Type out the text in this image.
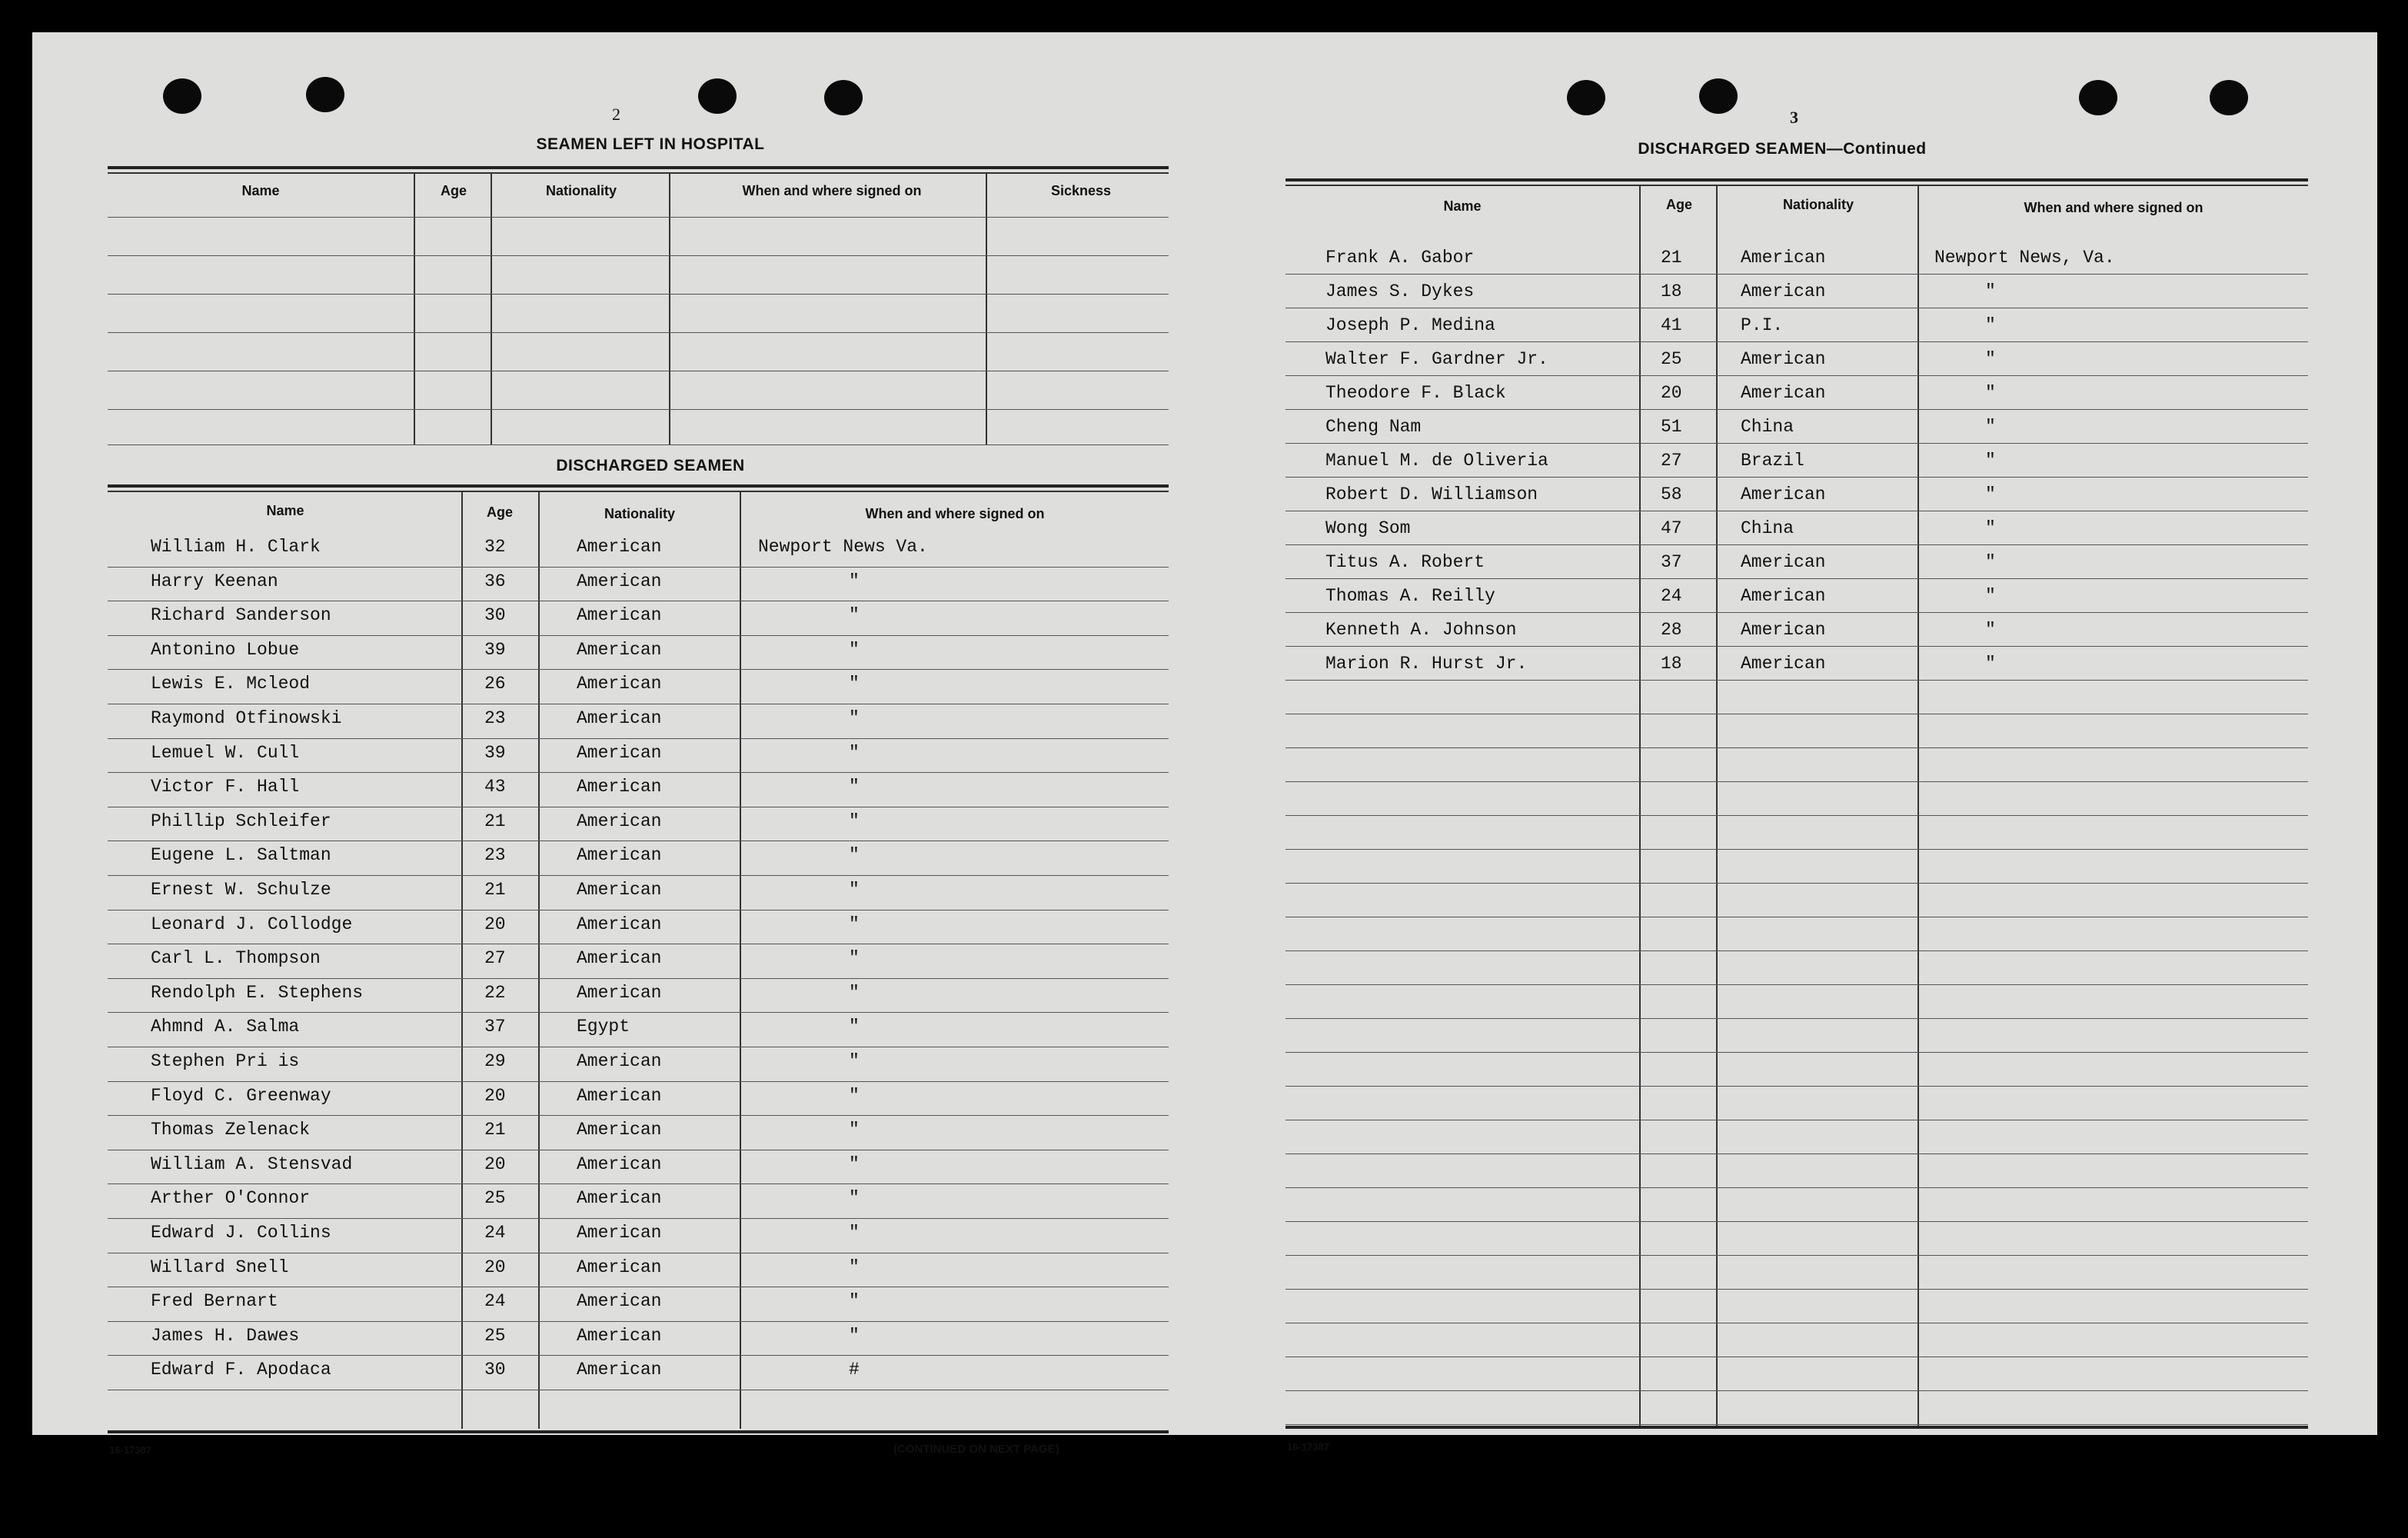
2
SEAMEN LEFT IN HOSPITAL
Name	Age	Nationality	When and where signed on	Sickness
DISCHARGED SEAMEN
Name	Age	Nationality	When and where signed on
William H. Clark	32	American	Newport News Va.
Harry Keenan	36	American	"
Richard Sanderson	30	American	"
Antonino Lobue	39	American	"
Lewis E. Mcleod	26	American	"
Raymond Otfinowski	23	American	"
Lemuel W. Cull	39	American	"
Victor F. Hall	43	American	"
Phillip Schleifer	21	American	"
Eugene L. Saltman	23	American	"
Ernest W. Schulze	21	American	"
Leonard J. Collodge	20	American	"
Carl L. Thompson	27	American	"
Rendolph E. Stephens	22	American	"
Ahmnd A. Salma	37	Egypt	"
Stephen Pri is	29	American	"
Floyd C. Greenway	20	American	"
Thomas Zelenack	21	American	"
William A. Stensvad	20	American	"
Arther O'Connor	25	American	"
Edward J. Collins	24	American	"
Willard Snell	20	American	"
Fred Bernart	24	American	"
James H. Dawes	25	American	"
Edward F. Apodaca	30	American	#
16-17387	(CONTINUED ON NEXT PAGE)
3
DISCHARGED SEAMEN—Continued
Name	Age	Nationality	When and where signed on
Frank A. Gabor	21	American	Newport News, Va.
James S. Dykes	18	American	"
Joseph P. Medina	41	P.I.	"
Walter F. Gardner Jr.	25	American	"
Theodore F. Black	20	American	"
Cheng Nam	51	China	"
Manuel M. de Oliveria	27	Brazil	"
Robert D. Williamson	58	American	"
Wong Som	47	China	"
Titus A. Robert	37	American	"
Thomas A. Reilly	24	American	"
Kenneth A. Johnson	28	American	"
Marion R. Hurst Jr.	18	American	"
16-17387
